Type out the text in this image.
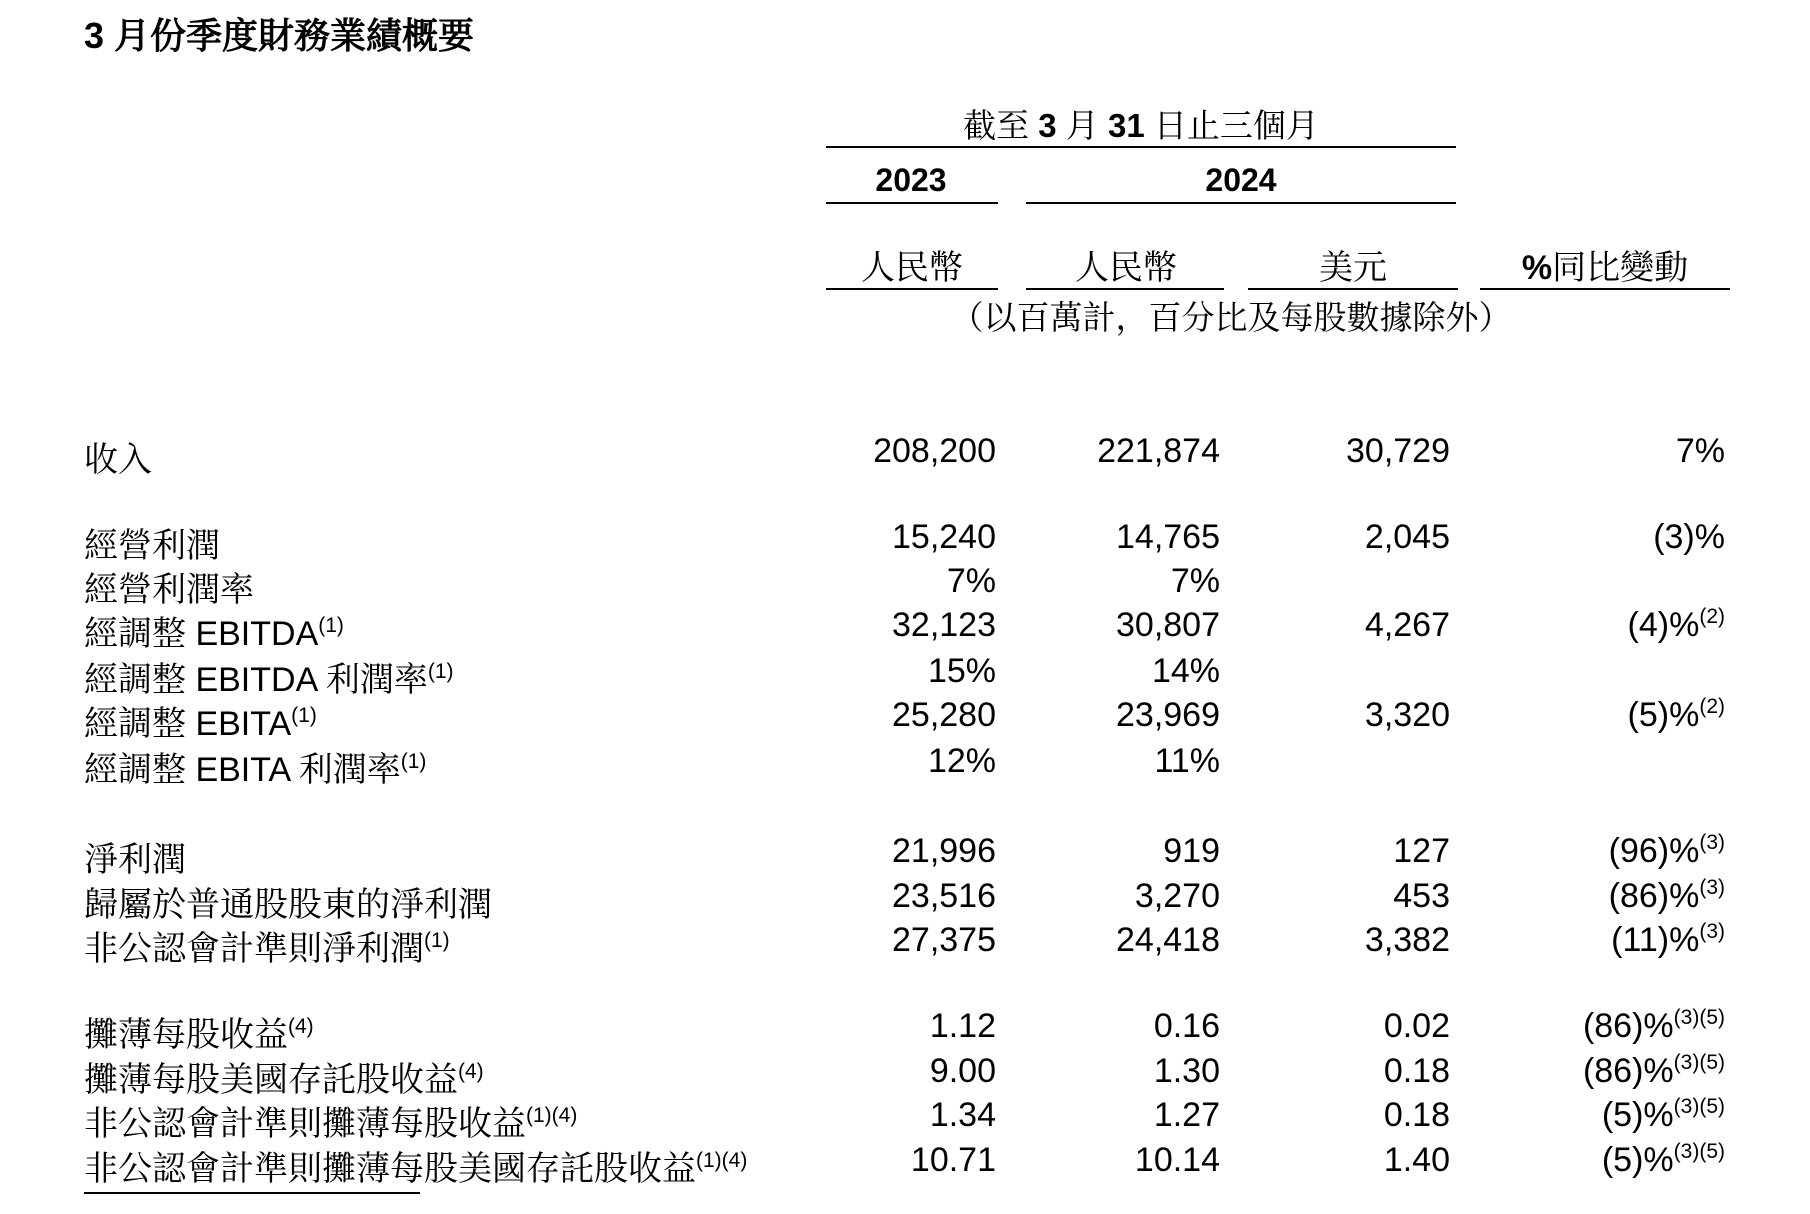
3 月份季度財務業績概要
截至 3 月 31 日止三個月
2023	2024
人民幣	人民幣	美元	%同比變動
（以百萬計，百分比及每股數據除外）
收入	208,200	221,874	30,729	7%
經營利潤	15,240	14,765	2,045	(3)%
經營利潤率	7%	7%
經調整 EBITDA$^{(1)}$	32,123	30,807	4,267	(4)%$^{(2)}$
經調整 EBITDA 利潤率$^{(1)}$	15%	14%
經調整 EBITA$^{(1)}$	25,280	23,969	3,320	(5)%$^{(2)}$
經調整 EBITA 利潤率$^{(1)}$	12%	11%
淨利潤	21,996	919	127	(96)%$^{(3)}$
歸屬於普通股股東的淨利潤	23,516	3,270	453	(86)%$^{(3)}$
非公認會計準則淨利潤$^{(1)}$	27,375	24,418	3,382	(11)%$^{(3)}$
攤薄每股收益$^{(4)}$	1.12	0.16	0.02	(86)%$^{(3)(5)}$
攤薄每股美國存託股收益$^{(4)}$	9.00	1.30	0.18	(86)%$^{(3)(5)}$
非公認會計準則攤薄每股收益$^{(1)(4)}$	1.34	1.27	0.18	(5)%$^{(3)(5)}$
非公認會計準則攤薄每股美國存託股收益$^{(1)(4)}$	10.71	10.14	1.40	(5)%$^{(3)(5)}$
